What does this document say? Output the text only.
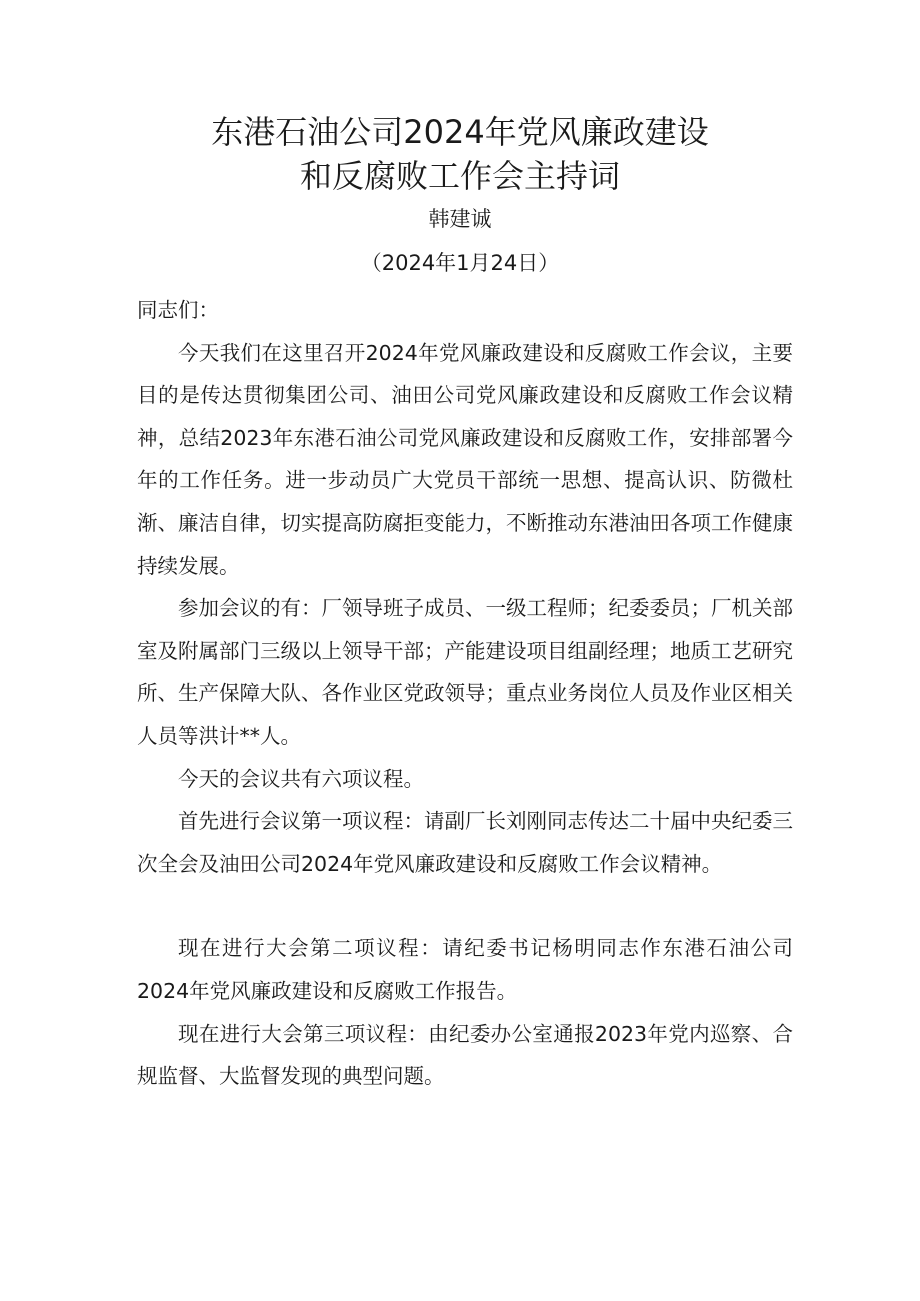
东港石油公司2024年党风廉政建设
和反腐败工作会主持词
韩建诚
（2024年1月24日）

同志们：

今天我们在这里召开2024年党风廉政建设和反腐败工作会议，主要目的是传达贯彻集团公司、油田公司党风廉政建设和反腐败工作会议精神，总结2023年东港石油公司党风廉政建设和反腐败工作，安排部署今年的工作任务。进一步动员广大党员干部统一思想、提高认识、防微杜渐、廉洁自律，切实提高防腐拒变能力，不断推动东港油田各项工作健康持续发展。

参加会议的有：厂领导班子成员、一级工程师；纪委委员；厂机关部室及附属部门三级以上领导干部；产能建设项目组副经理；地质工艺研究所、生产保障大队、各作业区党政领导；重点业务岗位人员及作业区相关人员等洪计**人。

今天的会议共有六项议程。

首先进行会议第一项议程：请副厂长刘刚同志传达二十届中央纪委三次全会及油田公司2024年党风廉政建设和反腐败工作会议精神。

现在进行大会第二项议程：请纪委书记杨明同志作东港石油公司2024年党风廉政建设和反腐败工作报告。

现在进行大会第三项议程：由纪委办公室通报2023年党内巡察、合规监督、大监督发现的典型问题。
